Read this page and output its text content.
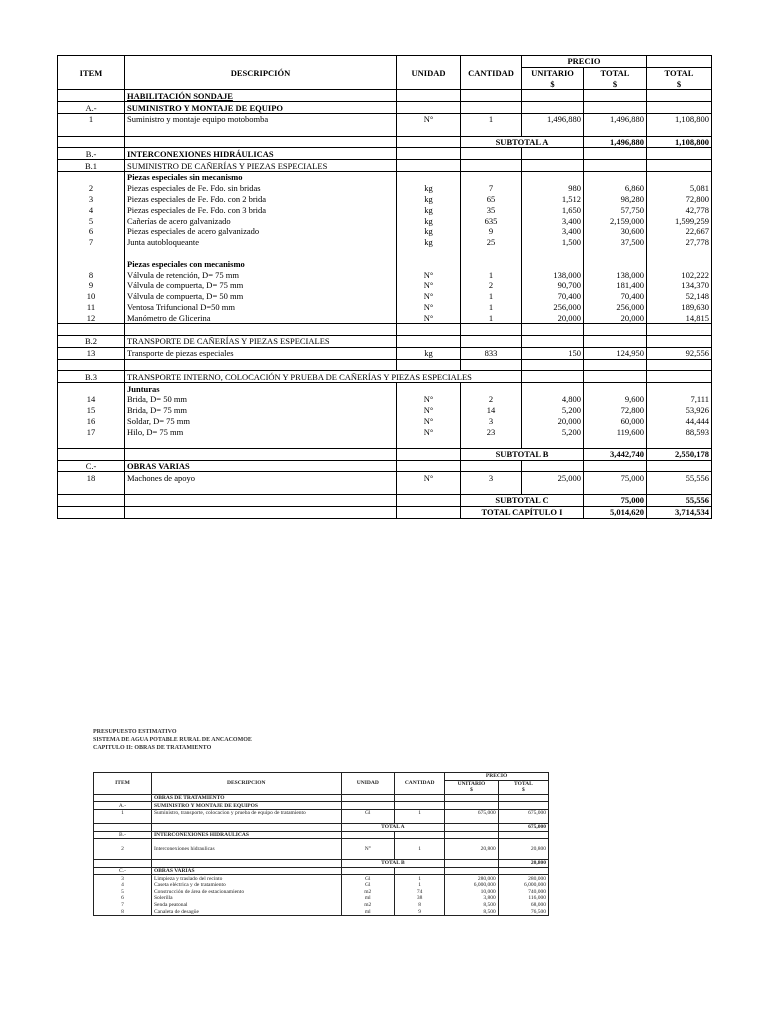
ITEM	DESCRIPCIÓN	UNIDAD	CANTIDAD	PRECIO		
				UNITARIO	TOTAL	TOTAL
				$	$	$
	HABILITACIÓN SONDAJE					
A.-	SUMINISTRO Y MONTAJE DE EQUIPO					
1	Suministro y montaje equipo motobomba	N°	1	1,496,880	1,496,880	1,108,800

			SUBTOTAL A		1,496,880	1,108,800
B.-	INTERCONEXIONES HIDRÁULICAS					
B.1	SUMINISTRO DE CAÑERÍAS Y PIEZAS ESPECIALES					
	Piezas especiales sin mecanismo					
2	Piezas especiales de Fe. Fdo. sin bridas	kg	7	980	6,860	5,081
3	Piezas especiales de Fe. Fdo. con 2 brida	kg	65	1,512	98,280	72,800
4	Piezas especiales de Fe. Fdo. con 3 brida	kg	35	1,650	57,750	42,778
5	Cañerías de acero galvanizado	kg	635	3,400	2,159,000	1,599,259
6	Piezas especiales de acero galvanizado	kg	9	3,400	30,600	22,667
7	Junta autobloqueante	kg	25	1,500	37,500	27,778

	Piezas especiales con mecanismo					
8	Válvula de retención, D= 75 mm	N°	1	138,000	138,000	102,222
9	Válvula de compuerta, D= 75 mm	N°	2	90,700	181,400	134,370
10	Válvula de compuerta, D= 50 mm	N°	1	70,400	70,400	52,148
11	Ventosa Trifuncional D=50 mm	N°	1	256,000	256,000	189,630
12	Manómetro de Glicerina	N°	1	20,000	20,000	14,815

B.2	TRANSPORTE DE CAÑERÍAS Y PIEZAS ESPECIALES					
13	Transporte de piezas especiales	kg	833	150	124,950	92,556

B.3	TRANSPORTE INTERNO, COLOCACIÓN Y PRUEBA DE CAÑERÍAS Y PIEZAS ESPECIALES					
	Junturas					
14	Brida, D= 50 mm	N°	2	4,800	9,600	7,111
15	Brida, D= 75 mm	N°	14	5,200	72,800	53,926
16	Soldar, D= 75 mm	N°	3	20,000	60,000	44,444
17	Hilo, D= 75 mm	N°	23	5,200	119,600	88,593

			SUBTOTAL B		3,442,740	2,550,178
C.-	OBRAS VARIAS					
18	Machones de apoyo	N°	3	25,000	75,000	55,556

			SUBTOTAL C		75,000	55,556
			TOTAL CAPÍTULO I		5,014,620	3,714,534
PRESUPUESTO ESTIMATIVO
SISTEMA DE AGUA POTABLE RURAL DE ANCACOMOE
CAPITULO II: OBRAS DE TRATAMIENTO
ITEM	DESCRIPCION	UNIDAD	CANTIDAD	PRECIO	
				UNITARIO	TOTAL
				$	$
	OBRAS DE TRATAMIENTO				
A.-	SUMINISTRO Y MONTAJE DE EQUIPOS				
1	Suministro, transporte, colocacion y prueba de equipo de tratamiento	Gl	1	675,000	675,000

		TOTAL A			675,000
B.-	INTERCONEXIONES HIDRAULICAS				

2	Interconexiones hidraulicas	N°	1	20,800	20,800

		TOTAL B			20,800
C.-	OBRAS VARIAS				
3	Limpieza y traslado del recinto	Gl	1	280,000	280,000
4	Caseta eléctrica y de tratamiento	Gl	1	6,000,000	6,000,000
5	Construcción de área de estacionamiento	m2	74	10,000	740,000
6	Solerilla	ml	38	3,800	116,000
7	Senda peatonal	m2	8	8,500	68,000
8	Canaleta de desagüe	ml	9	8,500	76,500
